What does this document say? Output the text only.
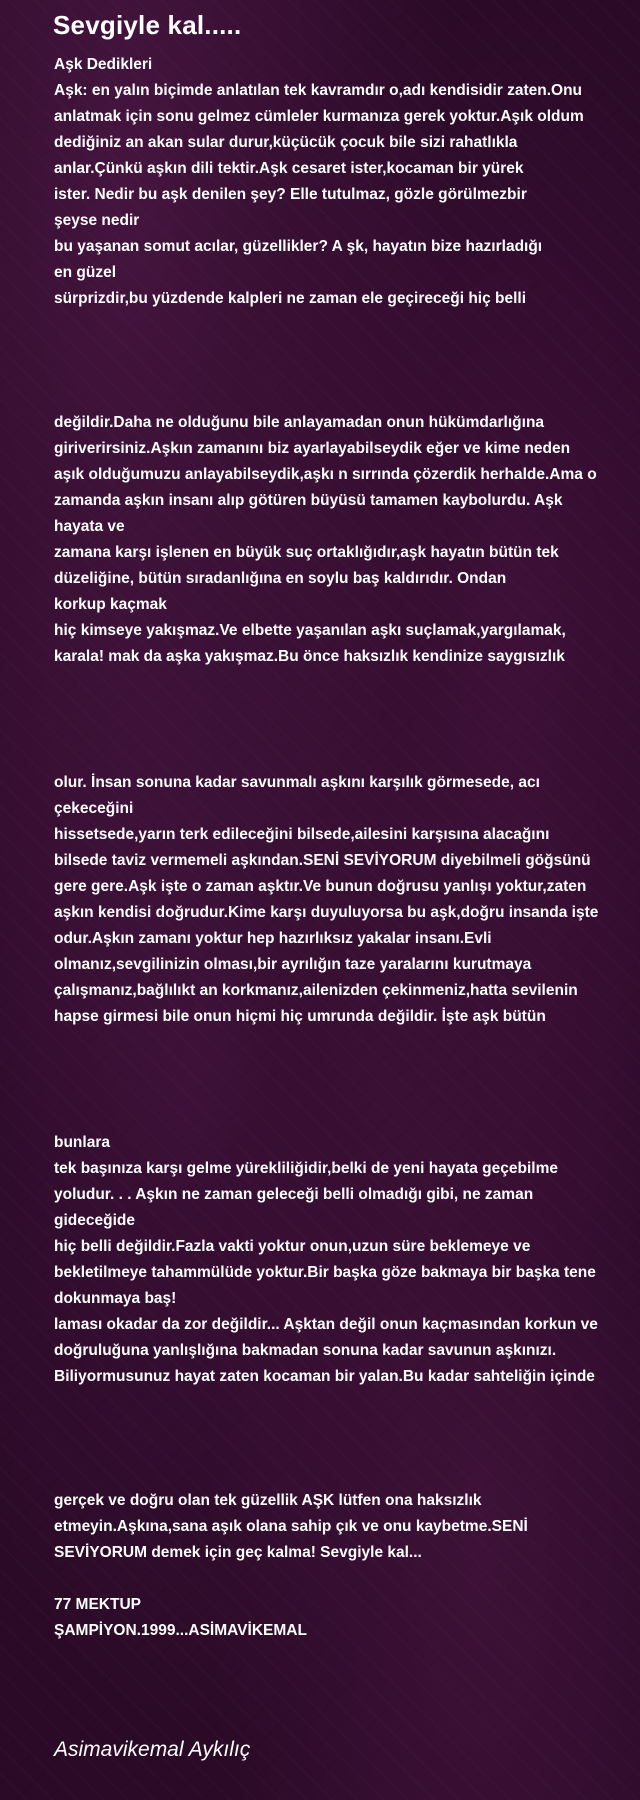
Sevgiyle kal.....
Aşk Dedikleri
Aşk: en yalın biçimde anlatılan tek kavramdır o,adı kendisidir zaten.Onu
anlatmak için sonu gelmez cümleler kurmanıza gerek yoktur.Aşık oldum
dediğiniz an akan sular durur,küçücük çocuk bile sizi rahatlıkla
anlar.Çünkü aşkın dili tektir.Aşk cesaret ister,kocaman bir yürek
ister. Nedir bu aşk denilen şey? Elle tutulmaz, gözle görülmezbir
şeyse nedir
bu yaşanan somut acılar, güzellikler? A şk, hayatın bize hazırladığı
en güzel
sürprizdir,bu yüzdende kalpleri ne zaman ele geçireceği hiç belli
değildir.Daha ne olduğunu bile anlayamadan onun hükümdarlığına
giriverirsiniz.Aşkın zamanını biz ayarlayabilseydik eğer ve kime neden
aşık olduğumuzu anlayabilseydik,aşkı n sırrında çözerdik herhalde.Ama o
zamanda aşkın insanı alıp götüren büyüsü tamamen kaybolurdu. Aşk
hayata ve
zamana karşı işlenen en büyük suç ortaklığıdır,aşk hayatın bütün tek
düzeliğine, bütün sıradanlığına en soylu baş kaldırıdır. Ondan
korkup kaçmak
hiç kimseye yakışmaz.Ve elbette yaşanılan aşkı suçlamak,yargılamak,
karala! mak da aşka yakışmaz.Bu önce haksızlık kendinize saygısızlık
olur. İnsan sonuna kadar savunmalı aşkını karşılık görmesede, acı
çekeceğini
hissetsede,yarın terk edileceğini bilsede,ailesini karşısına alacağını
bilsede taviz vermemeli aşkından.SENİ SEVİYORUM diyebilmeli göğsünü
gere gere.Aşk işte o zaman aşktır.Ve bunun doğrusu yanlışı yoktur,zaten
aşkın kendisi doğrudur.Kime karşı duyuluyorsa bu aşk,doğru insanda işte
odur.Aşkın zamanı yoktur hep hazırlıksız yakalar insanı.Evli
olmanız,sevgilinizin olması,bir ayrılığın taze yaralarını kurutmaya
çalışmanız,bağlılıkt an korkmanız,ailenizden çekinmeniz,hatta sevilenin
hapse girmesi bile onun hiçmi hiç umrunda değildir. İşte aşk bütün
bunlara
tek başınıza karşı gelme yürekliliğidir,belki de yeni hayata geçebilme
yoludur. . . Aşkın ne zaman geleceği belli olmadığı gibi, ne zaman
gideceğide
hiç belli değildir.Fazla vakti yoktur onun,uzun süre beklemeye ve
bekletilmeye tahammülüde yoktur.Bir başka göze bakmaya bir başka tene
dokunmaya baş!
laması okadar da zor değildir... Aşktan değil onun kaçmasından korkun ve
doğruluğuna yanlışlığına bakmadan sonuna kadar savunun aşkınızı.
Biliyormusunuz hayat zaten kocaman bir yalan.Bu kadar sahteliğin içinde
gerçek ve doğru olan tek güzellik AŞK lütfen ona haksızlık
etmeyin.Aşkına,sana aşık olana sahip çık ve onu kaybetme.SENİ
SEVİYORUM demek için geç kalma! Sevgiyle kal...
77 MEKTUP
ŞAMPİYON.1999...ASİMAVİKEMAL
Asimavikemal Aykılıç
